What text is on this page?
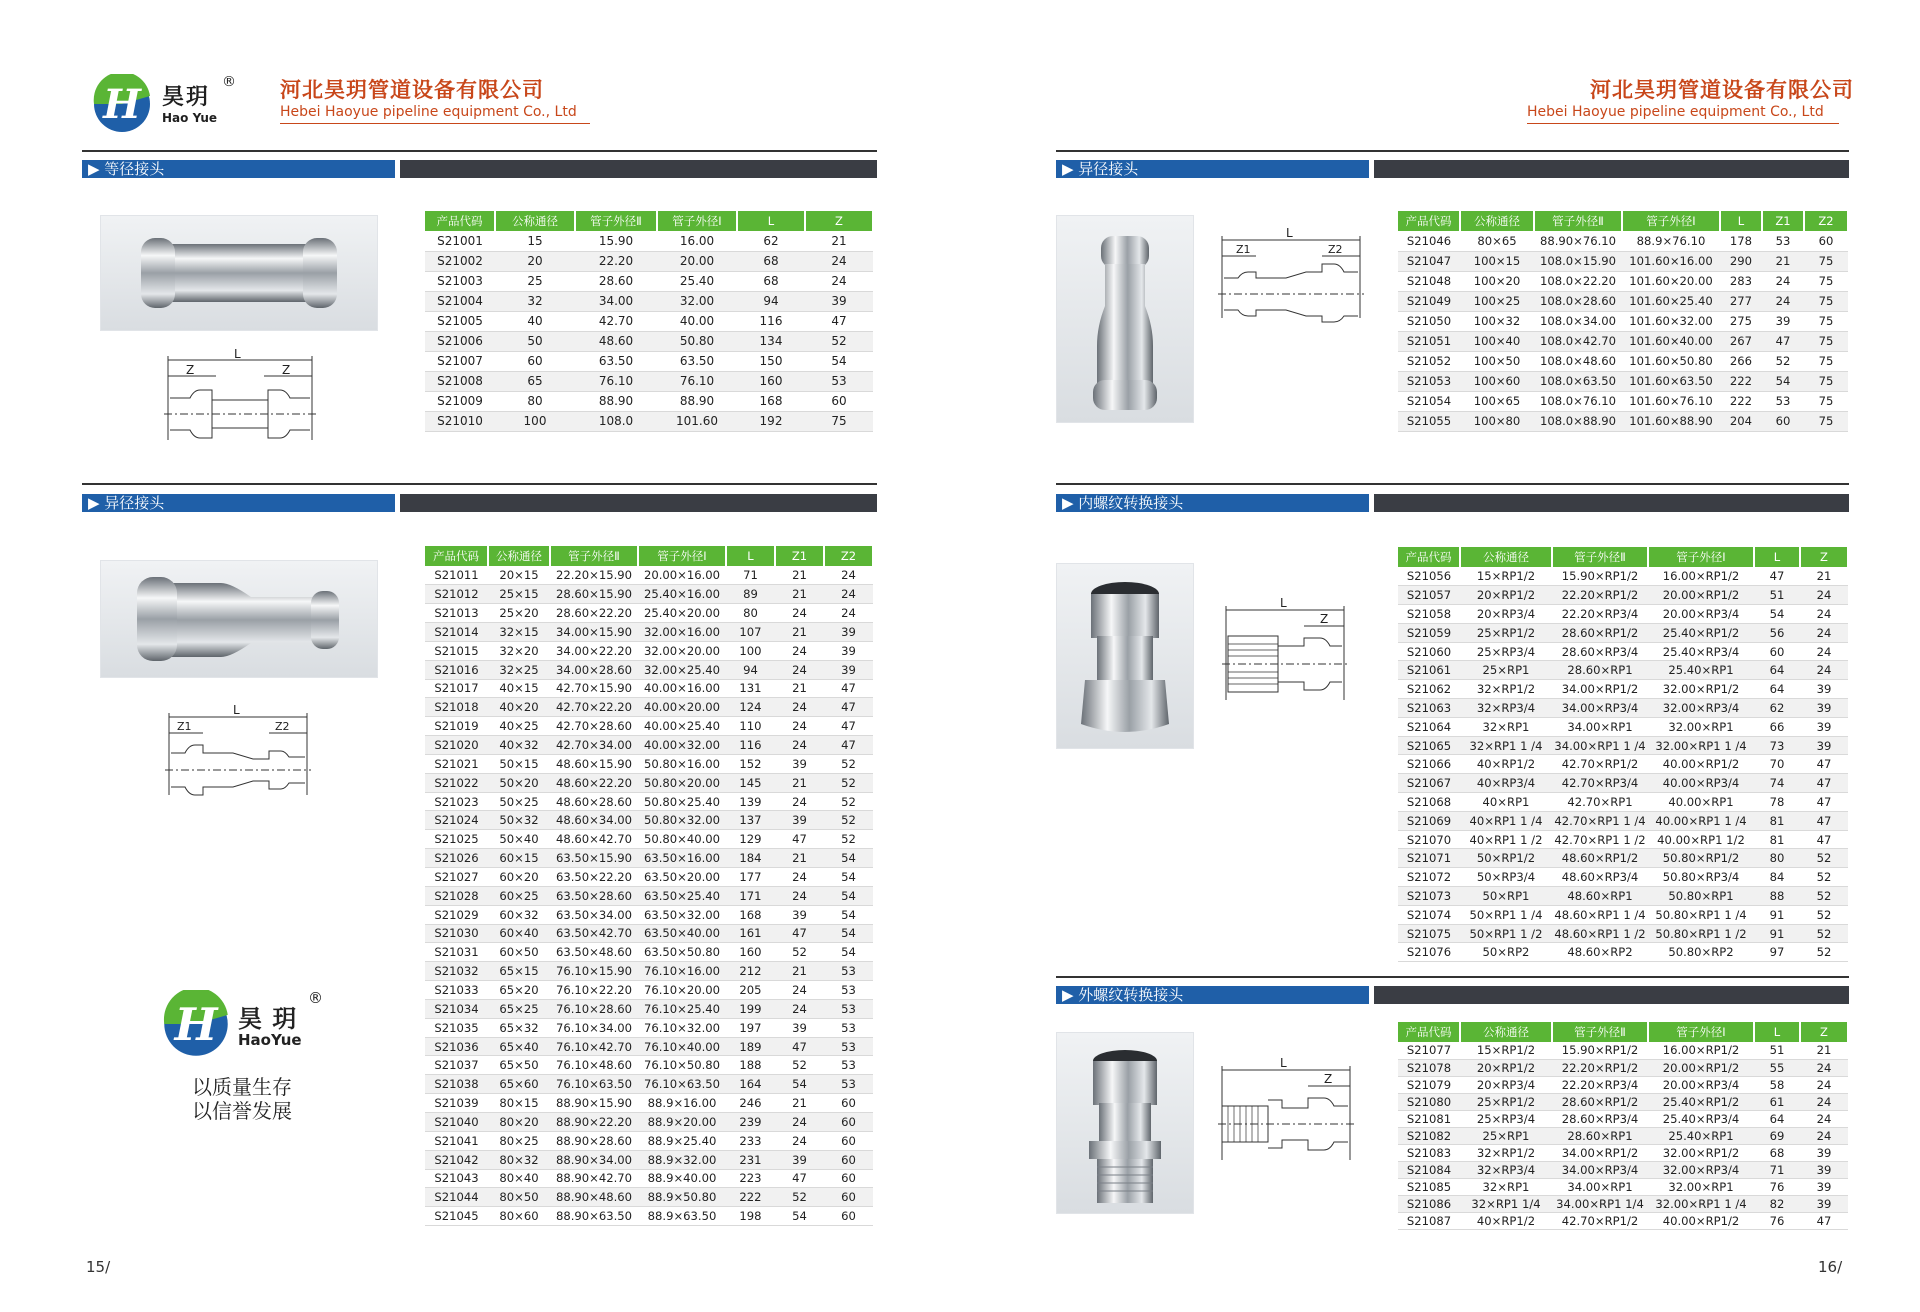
H 昊玥
®
Hao Yue
河北昊玥管道设备有限公司
Hebei Haoyue pipeline equipment Co., Ltd
河北昊玥管道设备有限公司
Hebei Haoyue pipeline equipment Co., Ltd
▶ 等径接头
L
Z	Z
产品代码	公称通径	管子外径Ⅱ	管子外径Ⅰ	L	Z
S21001	15	15.90	16.00	62	21
S21002	20	22.20	20.00	68	24
S21003	25	28.60	25.40	68	24
S21004	32	34.00	32.00	94	39
S21005	40	42.70	40.00	116	47
S21006	50	48.60	50.80	134	52
S21007	60	63.50	63.50	150	54
S21008	65	76.10	76.10	160	53
S21009	80	88.90	88.90	168	60
S21010	100	108.0	101.60	192	75
▶ 异径接头
L
Z1	Z2
产品代码	公称通径	管子外径Ⅱ	管子外径Ⅰ	L	Z1	Z2
S21011	20×15	22.20×15.90	20.00×16.00	71	21	24
S21012	25×15	28.60×15.90	25.40×16.00	89	21	24
S21013	25×20	28.60×22.20	25.40×20.00	80	24	24
S21014	32×15	34.00×15.90	32.00×16.00	107	21	39
S21015	32×20	34.00×22.20	32.00×20.00	100	24	39
S21016	32×25	34.00×28.60	32.00×25.40	94	24	39
S21017	40×15	42.70×15.90	40.00×16.00	131	21	47
S21018	40×20	42.70×22.20	40.00×20.00	124	24	47
S21019	40×25	42.70×28.60	40.00×25.40	110	24	47
S21020	40×32	42.70×34.00	40.00×32.00	116	24	47
S21021	50×15	48.60×15.90	50.80×16.00	152	39	52
S21022	50×20	48.60×22.20	50.80×20.00	145	21	52
S21023	50×25	48.60×28.60	50.80×25.40	139	24	52
S21024	50×32	48.60×34.00	50.80×32.00	137	39	52
S21025	50×40	48.60×42.70	50.80×40.00	129	47	52
S21026	60×15	63.50×15.90	63.50×16.00	184	21	54
S21027	60×20	63.50×22.20	63.50×20.00	177	24	54
S21028	60×25	63.50×28.60	63.50×25.40	171	24	54
S21029	60×32	63.50×34.00	63.50×32.00	168	39	54
S21030	60×40	63.50×42.70	63.50×40.00	161	47	54
S21031	60×50	63.50×48.60	63.50×50.80	160	52	54
S21032	65×15	76.10×15.90	76.10×16.00	212	21	53
S21033	65×20	76.10×22.20	76.10×20.00	205	24	53
S21034	65×25	76.10×28.60	76.10×25.40	199	24	53
S21035	65×32	76.10×34.00	76.10×32.00	197	39	53
S21036	65×40	76.10×42.70	76.10×40.00	189	47	53
S21037	65×50	76.10×48.60	76.10×50.80	188	52	53
S21038	65×60	76.10×63.50	76.10×63.50	164	54	53
S21039	80×15	88.90×15.90	88.9×16.00	246	21	60
S21040	80×20	88.90×22.20	88.9×20.00	239	24	60
S21041	80×25	88.90×28.60	88.9×25.40	233	24	60
S21042	80×32	88.90×34.00	88.9×32.00	231	39	60
S21043	80×40	88.90×42.70	88.9×40.00	223	47	60
S21044	80×50	88.90×48.60	88.9×50.80	222	52	60
S21045	80×60	88.90×63.50	88.9×63.50	198	54	60
H 昊 玥
®
HaoYue
以质量生存
以信誉发展
15/
▶ 异径接头
L
Z1	Z2
产品代码	公称通径	管子外径Ⅱ	管子外径Ⅰ	L	Z1	Z2
S21046	80×65	88.90×76.10	88.9×76.10	178	53	60
S21047	100×15	108.0×15.90	101.60×16.00	290	21	75
S21048	100×20	108.0×22.20	101.60×20.00	283	24	75
S21049	100×25	108.0×28.60	101.60×25.40	277	24	75
S21050	100×32	108.0×34.00	101.60×32.00	275	39	75
S21051	100×40	108.0×42.70	101.60×40.00	267	47	75
S21052	100×50	108.0×48.60	101.60×50.80	266	52	75
S21053	100×60	108.0×63.50	101.60×63.50	222	54	75
S21054	100×65	108.0×76.10	101.60×76.10	222	53	75
S21055	100×80	108.0×88.90	101.60×88.90	204	60	75
▶ 内螺纹转换接头
L
Z
产品代码	公称通径	管子外径Ⅱ	管子外径Ⅰ	L	Z
S21056	15×RP1/2	15.90×RP1/2	16.00×RP1/2	47	21
S21057	20×RP1/2	22.20×RP1/2	20.00×RP1/2	51	24
S21058	20×RP3/4	22.20×RP3/4	20.00×RP3/4	54	24
S21059	25×RP1/2	28.60×RP1/2	25.40×RP1/2	56	24
S21060	25×RP3/4	28.60×RP3/4	25.40×RP3/4	60	24
S21061	25×RP1	28.60×RP1	25.40×RP1	64	24
S21062	32×RP1/2	34.00×RP1/2	32.00×RP1/2	64	39
S21063	32×RP3/4	34.00×RP3/4	32.00×RP3/4	62	39
S21064	32×RP1	34.00×RP1	32.00×RP1	66	39
S21065	32×RP1 1 /4	34.00×RP1 1 /4	32.00×RP1 1 /4	73	39
S21066	40×RP1/2	42.70×RP1/2	40.00×RP1/2	70	47
S21067	40×RP3/4	42.70×RP3/4	40.00×RP3/4	74	47
S21068	40×RP1	42.70×RP1	40.00×RP1	78	47
S21069	40×RP1 1 /4	42.70×RP1 1 /4	40.00×RP1 1 /4	81	47
S21070	40×RP1 1 /2	42.70×RP1 1 /2	40.00×RP1 1/2	81	47
S21071	50×RP1/2	48.60×RP1/2	50.80×RP1/2	80	52
S21072	50×RP3/4	48.60×RP3/4	50.80×RP3/4	84	52
S21073	50×RP1	48.60×RP1	50.80×RP1	88	52
S21074	50×RP1 1 /4	48.60×RP1 1 /4	50.80×RP1 1 /4	91	52
S21075	50×RP1 1 /2	48.60×RP1 1 /2	50.80×RP1 1 /2	91	52
S21076	50×RP2	48.60×RP2	50.80×RP2	97	52
▶ 外螺纹转换接头
L
Z
产品代码	公称通径	管子外径Ⅱ	管子外径Ⅰ	L	Z
S21077	15×RP1/2	15.90×RP1/2	16.00×RP1/2	51	21
S21078	20×RP1/2	22.20×RP1/2	20.00×RP1/2	55	24
S21079	20×RP3/4	22.20×RP3/4	20.00×RP3/4	58	24
S21080	25×RP1/2	28.60×RP1/2	25.40×RP1/2	61	24
S21081	25×RP3/4	28.60×RP3/4	25.40×RP3/4	64	24
S21082	25×RP1	28.60×RP1	25.40×RP1	69	24
S21083	32×RP1/2	34.00×RP1/2	32.00×RP1/2	68	39
S21084	32×RP3/4	34.00×RP3/4	32.00×RP3/4	71	39
S21085	32×RP1	34.00×RP1	32.00×RP1	76	39
S21086	32×RP1 1/4	34.00×RP1 1/4	32.00×RP1 1 /4	82	39
S21087	40×RP1/2	42.70×RP1/2	40.00×RP1/2	76	47
16/
